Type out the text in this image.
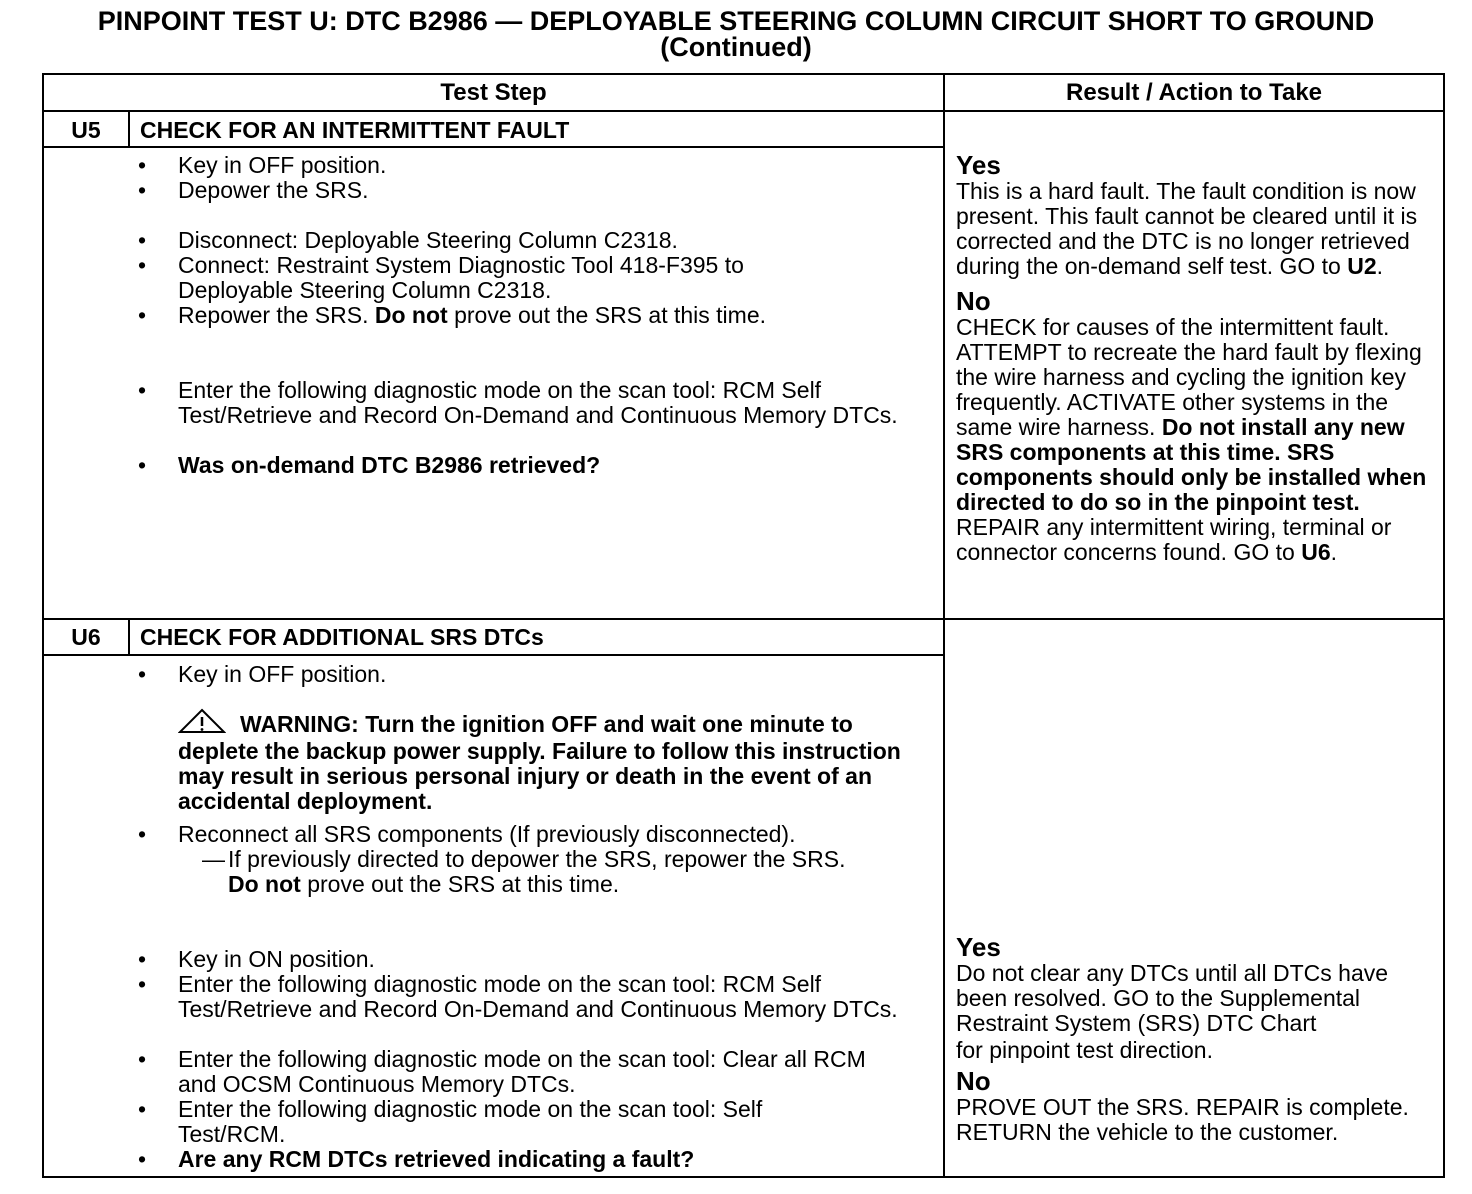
PINPOINT TEST U: DTC B2986 — DEPLOYABLE STEERING COLUMN CIRCUIT SHORT TO GROUND
(Continued)
Test Step	Result / Action to Take
U5	CHECK FOR AN INTERMITTENT FAULT
•	Key in OFF position.
•	Depower the SRS.
•	Disconnect: Deployable Steering Column C2318.
•	Connect: Restraint System Diagnostic Tool 418-F395 to Deployable Steering Column C2318.
•	Repower the SRS. Do not prove out the SRS at this time.
•	Enter the following diagnostic mode on the scan tool: RCM Self Test/Retrieve and Record On-Demand and Continuous Memory DTCs.
•	Was on-demand DTC B2986 retrieved?
Yes
This is a hard fault. The fault condition is now present. This fault cannot be cleared until it is corrected and the DTC is no longer retrieved during the on-demand self test. GO to U2.
No
CHECK for causes of the intermittent fault. ATTEMPT to recreate the hard fault by flexing the wire harness and cycling the ignition key frequently. ACTIVATE other systems in the same wire harness. Do not install any new SRS components at this time. SRS components should only be installed when directed to do so in the pinpoint test. REPAIR any intermittent wiring, terminal or connector concerns found. GO to U6.
U6	CHECK FOR ADDITIONAL SRS DTCs
•	Key in OFF position.
WARNING: Turn the ignition OFF and wait one minute to deplete the backup power supply. Failure to follow this instruction may result in serious personal injury or death in the event of an accidental deployment.
•	Reconnect all SRS components (If previously disconnected).
— If previously directed to depower the SRS, repower the SRS. Do not prove out the SRS at this time.
•	Key in ON position.
•	Enter the following diagnostic mode on the scan tool: RCM Self Test/Retrieve and Record On-Demand and Continuous Memory DTCs.
•	Enter the following diagnostic mode on the scan tool: Clear all RCM and OCSM Continuous Memory DTCs.
•	Enter the following diagnostic mode on the scan tool: Self Test/RCM.
•	Are any RCM DTCs retrieved indicating a fault?
Yes
Do not clear any DTCs until all DTCs have been resolved. GO to the Supplemental Restraint System (SRS) DTC Chart
for pinpoint test direction.
No
PROVE OUT the SRS. REPAIR is complete. RETURN the vehicle to the customer.
